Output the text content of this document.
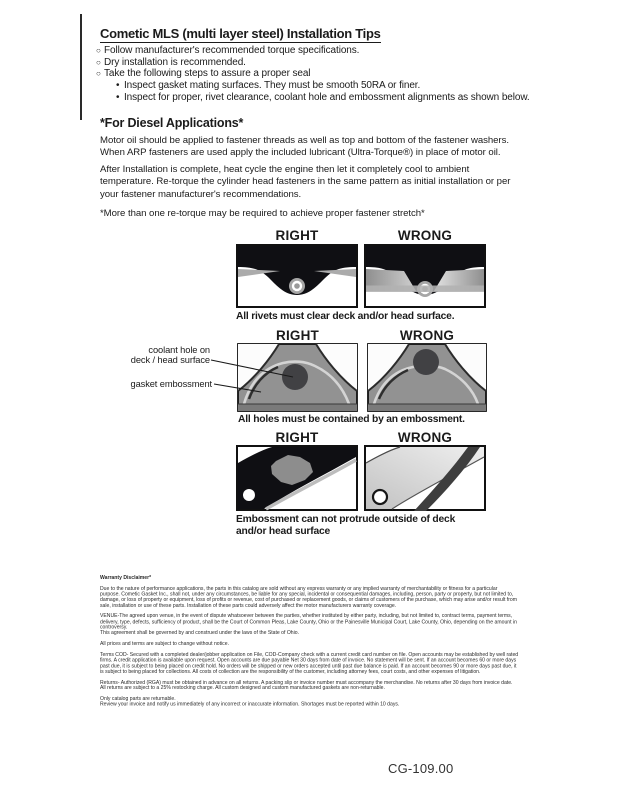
Cometic MLS (multi layer steel) Installation Tips
○ Follow manufacturer's recommended torque specifications.
○ Dry installation is recommended.
○ Take the following steps to assure a proper seal
• Inspect gasket mating surfaces. They must be smooth 50RA or finer.
• Inspect for proper, rivet clearance, coolant hole and embossment alignments as shown below.
*For Diesel Applications*
Motor oil should be applied to fastener threads as well as top and bottom of the fastener washers. When ARP fasteners are used apply the included lubricant (Ultra-Torque®) in place of motor oil.
After Installation is complete, heat cycle the engine then let it completely cool to ambient temperature. Re-torque the cylinder head fasteners in the same pattern as initial installation or per your fastener manufacturer's recommendations.
*More than one re-torque may be required to achieve proper fastener stretch*
RIGHT	WRONG
All rivets must clear deck and/or head surface.
RIGHT	WRONG
coolant hole on
deck / head surface
gasket embossment
All holes must be contained by an embossment.
RIGHT	WRONG
Embossment can not protrude outside of deck and/or head surface

Warranty Disclaimer*

Due to the nature of performance applications, the parts in this catalog are sold without any express warranty or any implied warranty of merchantability or fitness for a particular purpose. Cometic Gasket Inc., shall not, under any circumstances, be liable for any special, incidental or consequential damages, including, person, party or property, but not limited to, damage, or loss of property or equipment, loss of profits or revenue, cost of purchased or replacement goods, or claims of customers of the purchase, which may arise and/or result from sale, installation or use of these parts. Installation of these parts could adversely affect the motor manufacturers warranty coverage.

VENUE-The agreed upon venue, in the event of dispute whatsoever between the parties, whether instituted by either party, including, but not limited to, contract terms, payment terms, delivery, type, defects, sufficiency of product, shall be the Court of Common Pleas, Lake County, Ohio or the Painesville Municipal Court, Lake County, Ohio, depending on the amount in controversy.

This agreement shall be governed by and construed under the laws of the State of Ohio.

All prices and terms are subject to change without notice.

Terms COD- Secured with a completed dealer/jobber application on File, COD-Company check with a current credit card number on file. Open accounts may be established by well rated firms. A credit application is available upon request. Open accounts are due payable Net 30 days from date of invoice. No statement will be sent. If an account becomes 60 or more days past due, it is subject to being placed on credit hold. No orders will be shipped or new orders accepted until past due balance is paid. If an account becomes 90 or more days past due, it is subject to being placed for collections. All costs of collection are the responsibility of the customer, including attorney fees, court costs, and other expenses of litigation.

Returns- Authorized (RGA) must be obtained in advance on all returns. A packing slip or invoice number must accompany the merchandise. No returns after 30 days from invoice date. All returns are subject to a 25% restocking charge. All custom designed and custom manufactured gaskets are non-returnable.

Only catalog parts are returnable.

Review your invoice and notify us immediately of any incorrect or inaccurate information. Shortages must be reported within 10 days.

CG-109.00
